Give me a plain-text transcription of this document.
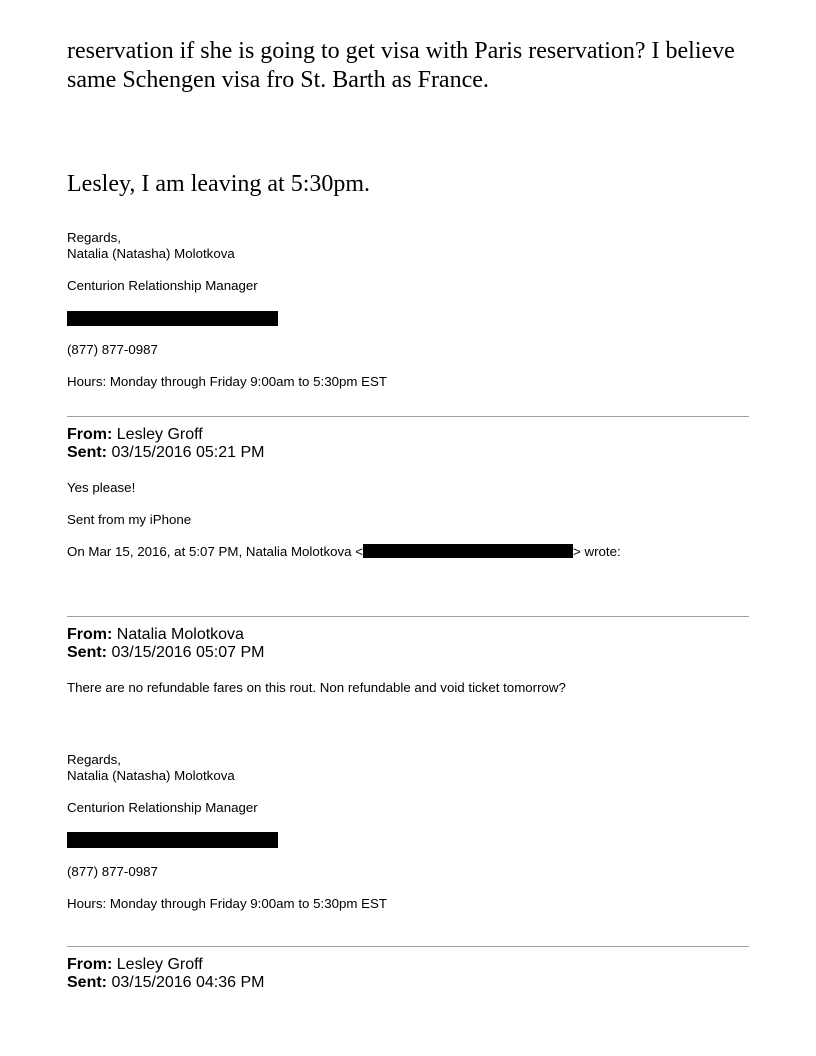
reservation if she is going to get visa with Paris reservation? I believe same Schengen visa fro St. Barth as France.

Lesley, I am leaving at 5:30pm.

Regards,
Natalia (Natasha) Molotkova
Centurion Relationship Manager
(877) 877-0987
Hours: Monday through Friday 9:00am to 5:30pm EST
From: Lesley Groff
Sent: 03/15/2016 05:21 PM
Yes please!
Sent from my iPhone
On Mar 15, 2016, at 5:07 PM, Natalia Molotkova <	> wrote:
From: Natalia Molotkova
Sent: 03/15/2016 05:07 PM
There are no refundable fares on this rout. Non refundable and void ticket tomorrow?
Regards,
Natalia (Natasha) Molotkova
Centurion Relationship Manager
(877) 877-0987
Hours: Monday through Friday 9:00am to 5:30pm EST
From: Lesley Groff
Sent: 03/15/2016 04:36 PM
